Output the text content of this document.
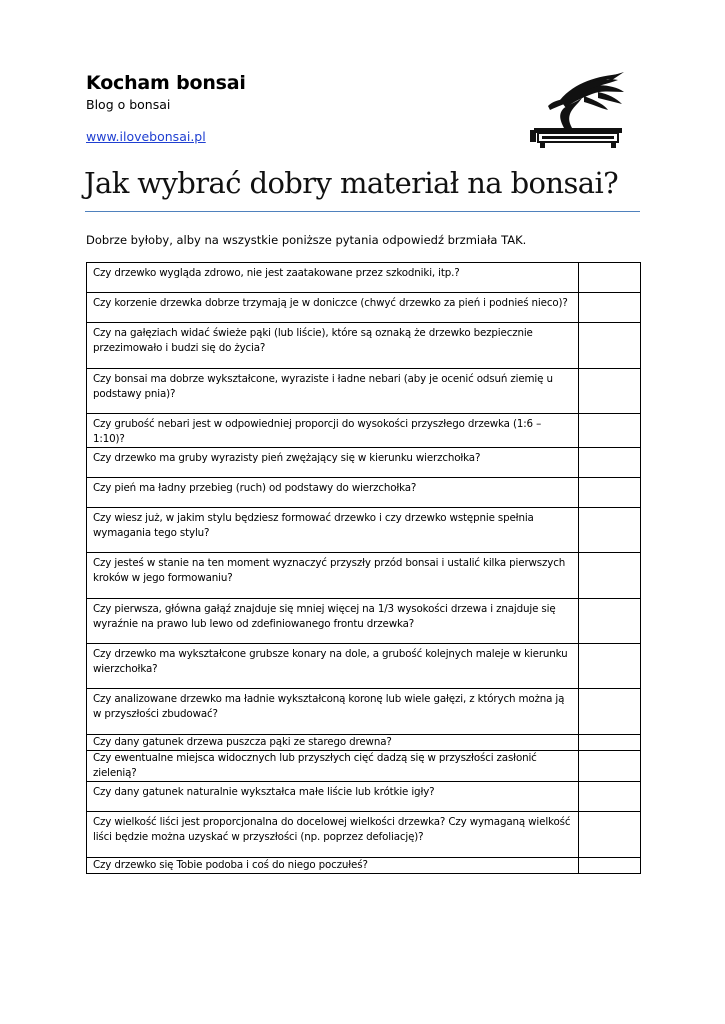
Kocham bonsai
Blog o bonsai
www.ilovebonsai.pl
Jak wybrać dobry materiał na bonsai?
Dobrze byłoby, alby na wszystkie poniższe pytania odpowiedź brzmiała TAK.
Czy drzewko wygląda zdrowo, nie jest zaatakowane przez szkodniki, itp.?	
Czy korzenie drzewka dobrze trzymają je w doniczce (chwyć drzewko za pień i podnieś nieco)?	
Czy na gałęziach widać świeże pąki (lub liście), które są oznaką że drzewko bezpiecznie przezimowało i budzi się do życia?	
Czy bonsai ma dobrze wykształcone, wyraziste i ładne nebari (aby je ocenić odsuń ziemię u podstawy pnia)?	
Czy grubość nebari jest w odpowiedniej proporcji do wysokości przyszłego drzewka (1:6 – 1:10)?	
Czy drzewko ma gruby wyrazisty pień zwężający się w kierunku wierzchołka?	
Czy pień ma ładny przebieg (ruch) od podstawy do wierzchołka?	
Czy wiesz już, w jakim stylu będziesz formować drzewko i czy drzewko wstępnie spełnia wymagania tego stylu?	
Czy jesteś w stanie na ten moment wyznaczyć przyszły przód bonsai i ustalić kilka pierwszych kroków w jego formowaniu?	
Czy pierwsza, główna gałąź znajduje się mniej więcej na 1/3 wysokości drzewa i znajduje się wyraźnie na prawo lub lewo od zdefiniowanego frontu drzewka?	
Czy drzewko ma wykształcone grubsze konary na dole, a grubość kolejnych maleje w kierunku wierzchołka?	
Czy analizowane drzewko ma ładnie wykształconą koronę lub wiele gałęzi, z których można ją w przyszłości zbudować?	
Czy dany gatunek drzewa puszcza pąki ze starego drewna?	
Czy ewentualne miejsca widocznych lub przyszłych cięć dadzą się w przyszłości zasłonić zielenią?	
Czy dany gatunek naturalnie wykształca małe liście lub krótkie igły?	
Czy wielkość liści jest proporcjonalna do docelowej wielkości drzewka? Czy wymaganą wielkość liści będzie można uzyskać w przyszłości (np. poprzez defoliację)?	
Czy drzewko się Tobie podoba i coś do niego poczułeś?	
